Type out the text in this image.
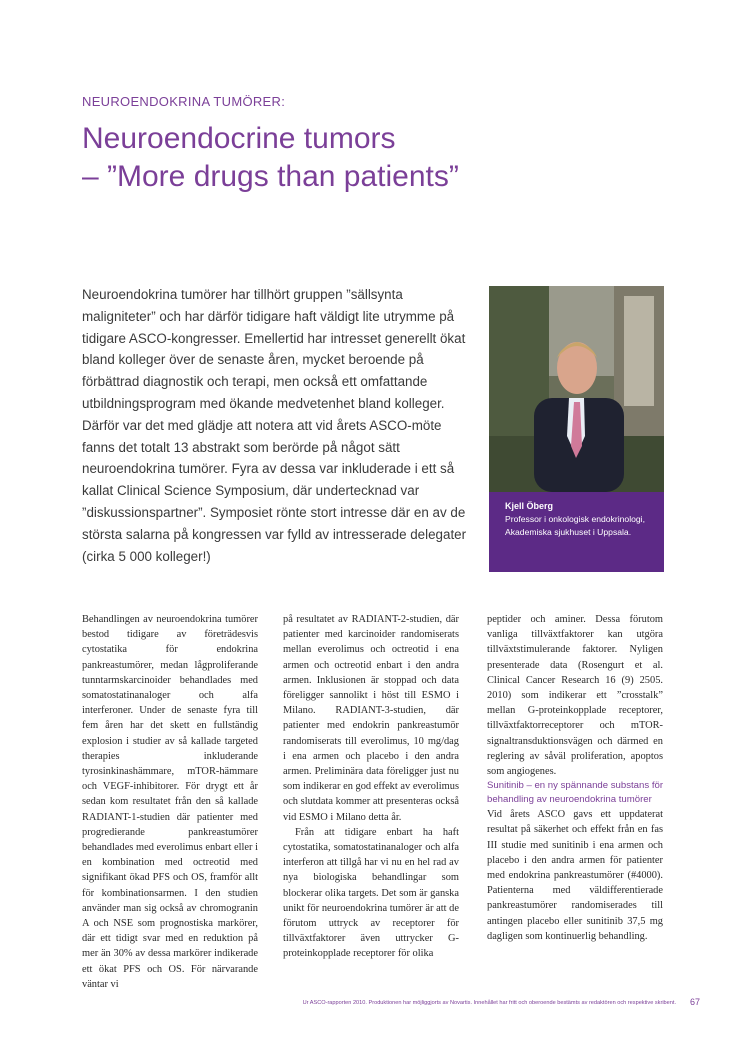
NEUROENDOKRINA TUMÖRER:
Neuroendocrine tumors
– ”More drugs than patients”

Neuroendokrina tumörer har tillhört gruppen ”sällsynta maligniteter” och har därför tidigare haft väldigt lite utrymme på tidigare ASCO-kongresser. Emellertid har intresset generellt ökat bland kolleger över de senaste åren, mycket beroende på förbättrad diagnostik och terapi, men också ett omfattande utbildningsprogram med ökande medvetenhet bland kolleger. Därför var det med glädje att notera att vid årets ASCO-möte fanns det totalt 13 abstrakt som berörde på något sätt neuroendokrina tumörer. Fyra av dessa var inkluderade i ett så kallat Clinical Science Symposium, där undertecknad var ”diskussionspartner”. Symposiet rönte stort intresse där en av de största salarna på kongressen var fylld av intresserade delegater (cirka 5 000 kolleger!)

Kjell Öberg
Professor i onkologisk endokrinologi, Akademiska sjukhuset i Uppsala.

Behandlingen av neuroendokrina tumörer bestod tidigare av företrädesvis cytostatika för endokrina pankreastumörer, medan lågproliferande tunntarmskarcinoider behandlades med somatostatinanaloger och alfa interferoner. Under de senaste fyra till fem åren har det skett en fullständig explosion i studier av så kallade targeted therapies inkluderande tyrosinkinashämmare, mTOR-hämmare och VEGF-inhibitorer. För drygt ett år sedan kom resultatet från den så kallade RADIANT-1-studien där patienter med progredierande pankreastumörer behandlades med everolimus enbart eller i en kombination med octreotid med signifikant ökad PFS och OS, framför allt för kombinationsarmen. I den studien använder man sig också av chromogranin A och NSE som prognostiska markörer, där ett tidigt svar med en reduktion på mer än 30% av dessa markörer indikerade ett ökat PFS och OS. För närvarande väntar vi

på resultatet av RADIANT-2-studien, där patienter med karcinoider randomiserats mellan everolimus och octreotid i ena armen och octreotid enbart i den andra armen. Inklusionen är stoppad och data föreligger sannolikt i höst till ESMO i Milano. RADIANT-3-studien, där patienter med endokrin pankreastumör randomiserats till everolimus, 10 mg/dag i ena armen och placebo i den andra armen. Preliminära data föreligger just nu som indikerar en god effekt av everolimus och slutdata kommer att presenteras också vid ESMO i Milano detta år.

Från att tidigare enbart ha haft cytostatika, somatostatinanaloger och alfa interferon att tillgå har vi nu en hel rad av nya biologiska behandlingar som blockerar olika targets. Det som är ganska unikt för neuroendokrina tumörer är att de förutom uttryck av receptorer för tillväxtfaktorer även uttrycker G-proteinkopplade receptorer för olika

peptider och aminer. Dessa förutom vanliga tillväxtfaktorer kan utgöra tillväxtstimulerande faktorer. Nyligen presenterade data (Rosengurt et al. Clinical Cancer Research 16 (9) 2505. 2010) som indikerar ett ”crosstalk” mellan G-proteinkopplade receptorer, tillväxtfaktorreceptorer och mTOR-signaltransduktionsvägen och därmed en reglering av såväl proliferation, apoptos som angiogenes.

Sunitinib – en ny spännande substans för behandling av neuroendokrina tumörer

Vid årets ASCO gavs ett uppdaterat resultat på säkerhet och effekt från en fas III studie med sunitinib i ena armen och placebo i den andra armen för patienter med endokrina pankreastumörer (#4000). Patienterna med väldifferentierade pankreastumörer randomiserades till antingen placebo eller sunitinib 37,5 mg dagligen som kontinuerlig behandling.

Ur ASCO-rapporten 2010. Produktionen har möjliggjorts av Novartis. Innehållet har fritt och oberoende bestämts av redaktören och respektive skribent. 67
